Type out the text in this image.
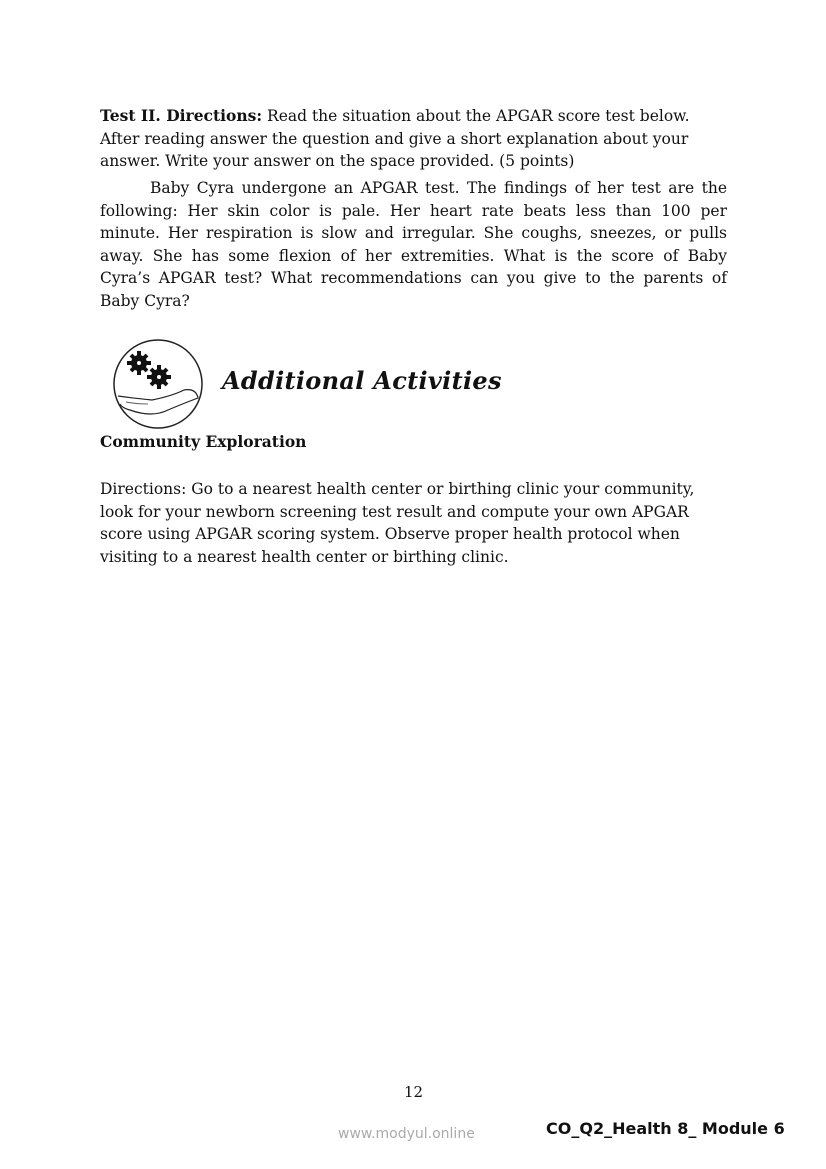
Test II. Directions: Read the situation about the APGAR score test below.
After reading answer the question and give a short explanation about your
answer. Write your answer on the space provided. (5 points)
Baby Cyra undergone an APGAR test. The findings of her test are the
following: Her skin color is pale. Her heart rate beats less than 100 per
minute. Her respiration is slow and irregular. She coughs, sneezes, or pulls
away. She has some flexion of her extremities. What is the score of Baby
Cyra’s APGAR test? What recommendations can you give to the parents of
Baby Cyra?
Additional Activities
Community Exploration
Directions: Go to a nearest health center or birthing clinic your community,
look for your newborn screening test result and compute your own APGAR
score using APGAR scoring system. Observe proper health protocol when
visiting to a nearest health center or birthing clinic.
12
www.modyul.online	CO_Q2_Health 8_ Module 6
